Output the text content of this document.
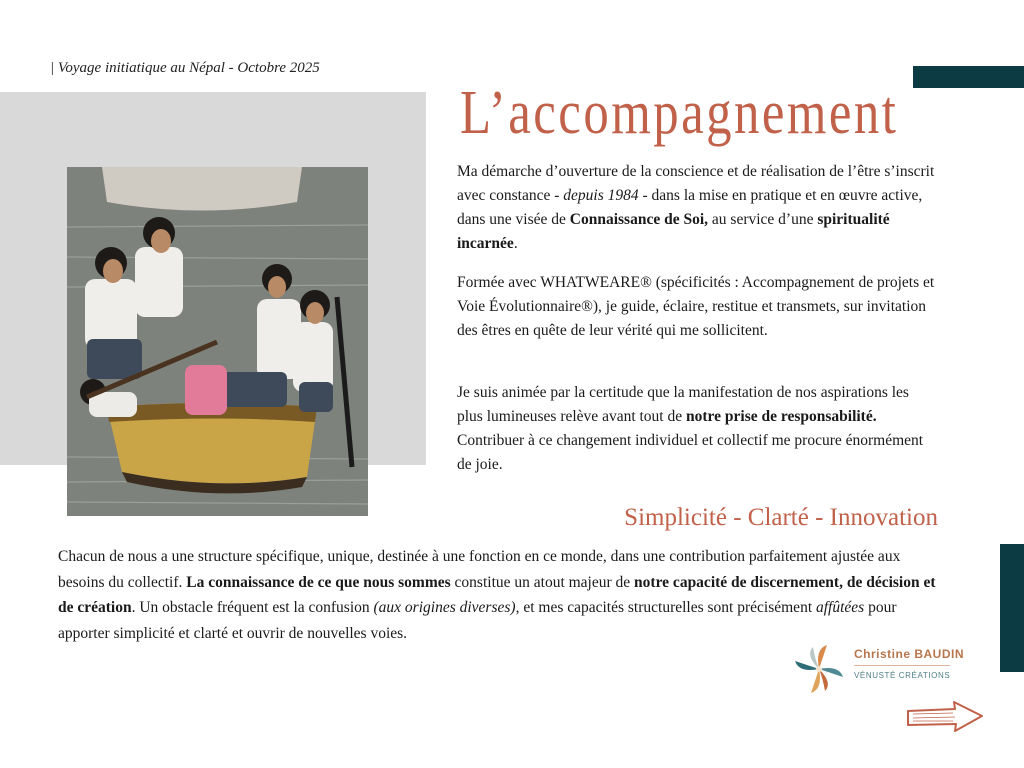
| Voyage initiatique au Népal - Octobre 2025
L’accompagnement

Ma démarche d’ouverture de la conscience et de réalisation de l’être s’inscrit avec constance - depuis 1984 - dans la mise en pratique et en œuvre active, dans une visée de Connaissance de Soi, au service d’une spiritualité incarnée.

Formée avec WHATWEARE® (spécificités : Accompagnement de projets et Voie Évolutionnaire®), je guide, éclaire, restitue et transmets, sur invitation des êtres en quête de leur vérité qui me sollicitent.

Je suis animée par la certitude que la manifestation de nos aspirations les plus lumineuses relève avant tout de notre prise de responsabilité. Contribuer à ce changement individuel et collectif me procure énormément de joie.

Simplicité - Clarté - Innovation

Chacun de nous a une structure spécifique, unique, destinée à une fonction en ce monde, dans une contribution parfaitement ajustée aux besoins du collectif. La connaissance de ce que nous sommes constitue un atout majeur de notre capacité de discernement, de décision et de création. Un obstacle fréquent est la confusion (aux origines diverses), et mes capacités structurelles sont précisément affûtées pour apporter simplicité et clarté et ouvrir de nouvelles voies.

Christine BAUDIN
VÉNUSTÉ CRÉATIONS
